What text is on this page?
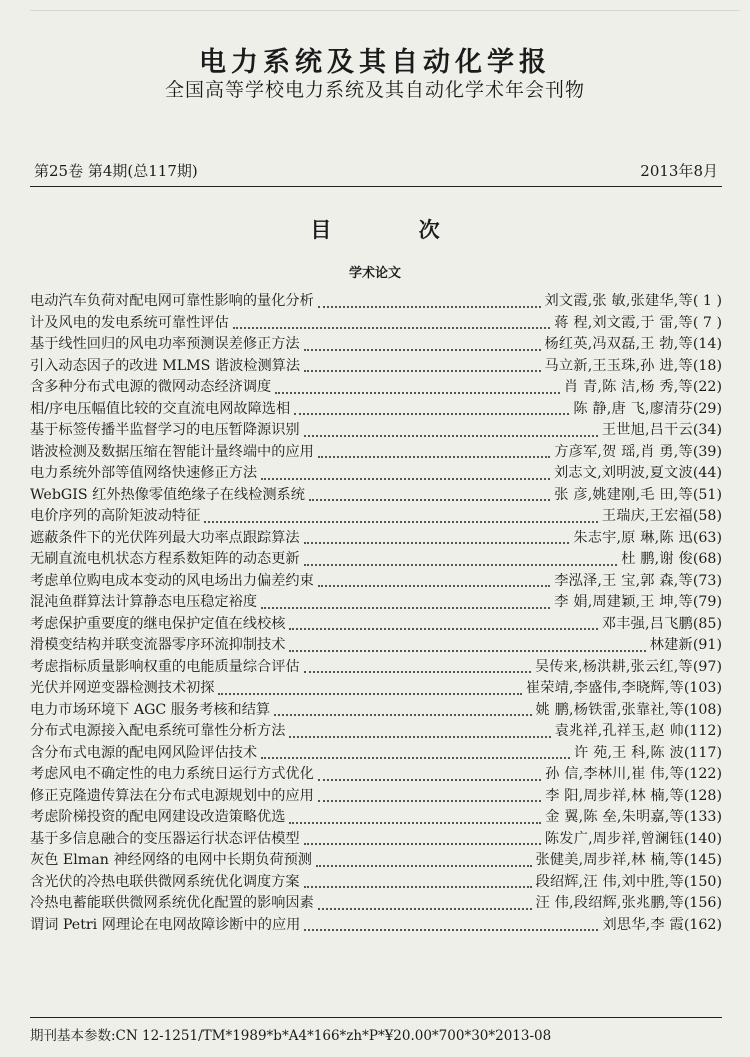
电力系统及其自动化学报
全国高等学校电力系统及其自动化学术年会刊物
第25卷 第4期(总117期)	2013年8月
目 次
学术论文
电动汽车负荷对配电网可靠性影响的量化分析	刘文霞,张 敏,张建华,等 ( 1 )
计及风电的发电系统可靠性评估	蒋 程,刘文霞,于 雷,等 ( 7 )
基于线性回归的风电功率预测误差修正方法	杨红英,冯双磊,王 勃,等 (14)
引入动态因子的改进 MLMS 谐波检测算法	马立新,王玉珠,孙 进,等 (18)
含多种分布式电源的微网动态经济调度	肖 青,陈 洁,杨 秀,等 (22)
相/序电压幅值比较的交直流电网故障选相	陈 静,唐 飞,廖清芬 (29)
基于标签传播半监督学习的电压暂降源识别	王世旭,吕干云 (34)
谐波检测及数据压缩在智能计量终端中的应用	方彦军,贺 瑶,肖 勇,等 (39)
电力系统外部等值网络快速修正方法	刘志文,刘明波,夏文波 (44)
WebGIS 红外热像零值绝缘子在线检测系统	张 彦,姚建刚,毛 田,等 (51)
电价序列的高阶矩波动特征	王瑞庆,王宏福 (58)
遮蔽条件下的光伏阵列最大功率点跟踪算法	朱志宇,原 琳,陈 迅 (63)
无刷直流电机状态方程系数矩阵的动态更新	杜 鹏,谢 俊 (68)
考虑单位购电成本变动的风电场出力偏差约束	李泓泽,王 宝,郭 森,等 (73)
混沌鱼群算法计算静态电压稳定裕度	李 娟,周建颖,王 坤,等 (79)
考虑保护重要度的继电保护定值在线校核	邓丰强,吕飞鹏 (85)
滑模变结构并联变流器零序环流抑制技术	林建新 (91)
考虑指标质量影响权重的电能质量综合评估	吴传来,杨洪耕,张云红,等 (97)
光伏并网逆变器检测技术初探	崔荣靖,李盛伟,李晓辉,等 (103)
电力市场环境下 AGC 服务考核和结算	姚 鹏,杨铁雷,张靠社,等 (108)
分布式电源接入配电系统可靠性分析方法	袁兆祥,孔祥玉,赵 帅 (112)
含分布式电源的配电网风险评估技术	许 苑,王 科,陈 波 (117)
考虑风电不确定性的电力系统日运行方式优化	孙 信,李林川,崔 伟,等 (122)
修正克隆遗传算法在分布式电源规划中的应用	李 阳,周步祥,林 楠,等 (128)
考虑阶梯投资的配电网建设改造策略优选	金 翼,陈 垒,朱明嘉,等 (133)
基于多信息融合的变压器运行状态评估模型	陈发广,周步祥,曾澜钰 (140)
灰色 Elman 神经网络的电网中长期负荷预测	张健美,周步祥,林 楠,等 (145)
含光伏的冷热电联供微网系统优化调度方案	段绍辉,汪 伟,刘中胜,等 (150)
冷热电蓄能联供微网系统优化配置的影响因素	汪 伟,段绍辉,张兆鹏,等 (156)
谓词 Petri 网理论在电网故障诊断中的应用	刘思华,李 霞 (162)
期刊基本参数:CN 12-1251/TM*1989*b*A4*166*zh*P*¥20.00*700*30*2013-08
